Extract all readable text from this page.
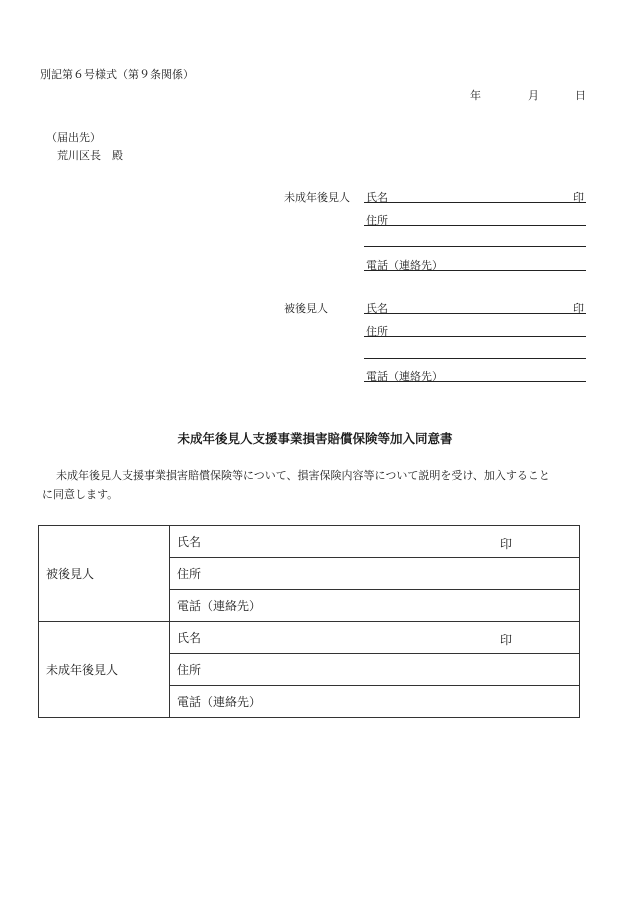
別記第６号様式（第９条関係）
年	月	日
（届出先）
荒川区長　殿
未成年後見人 氏名	印
住所
電話（連絡先）
被後見人	氏名	印
住所
電話（連絡先）
未成年後見人支援事業損害賠償保険等加入同意書
未成年後見人支援事業損害賠償保険等について、損害保険内容等について説明を受け、加入すること
に同意します。
被後見人	氏名 印

	住所
	電話（連絡先）
未成年後見人	氏名 印

	住所
	電話（連絡先）
